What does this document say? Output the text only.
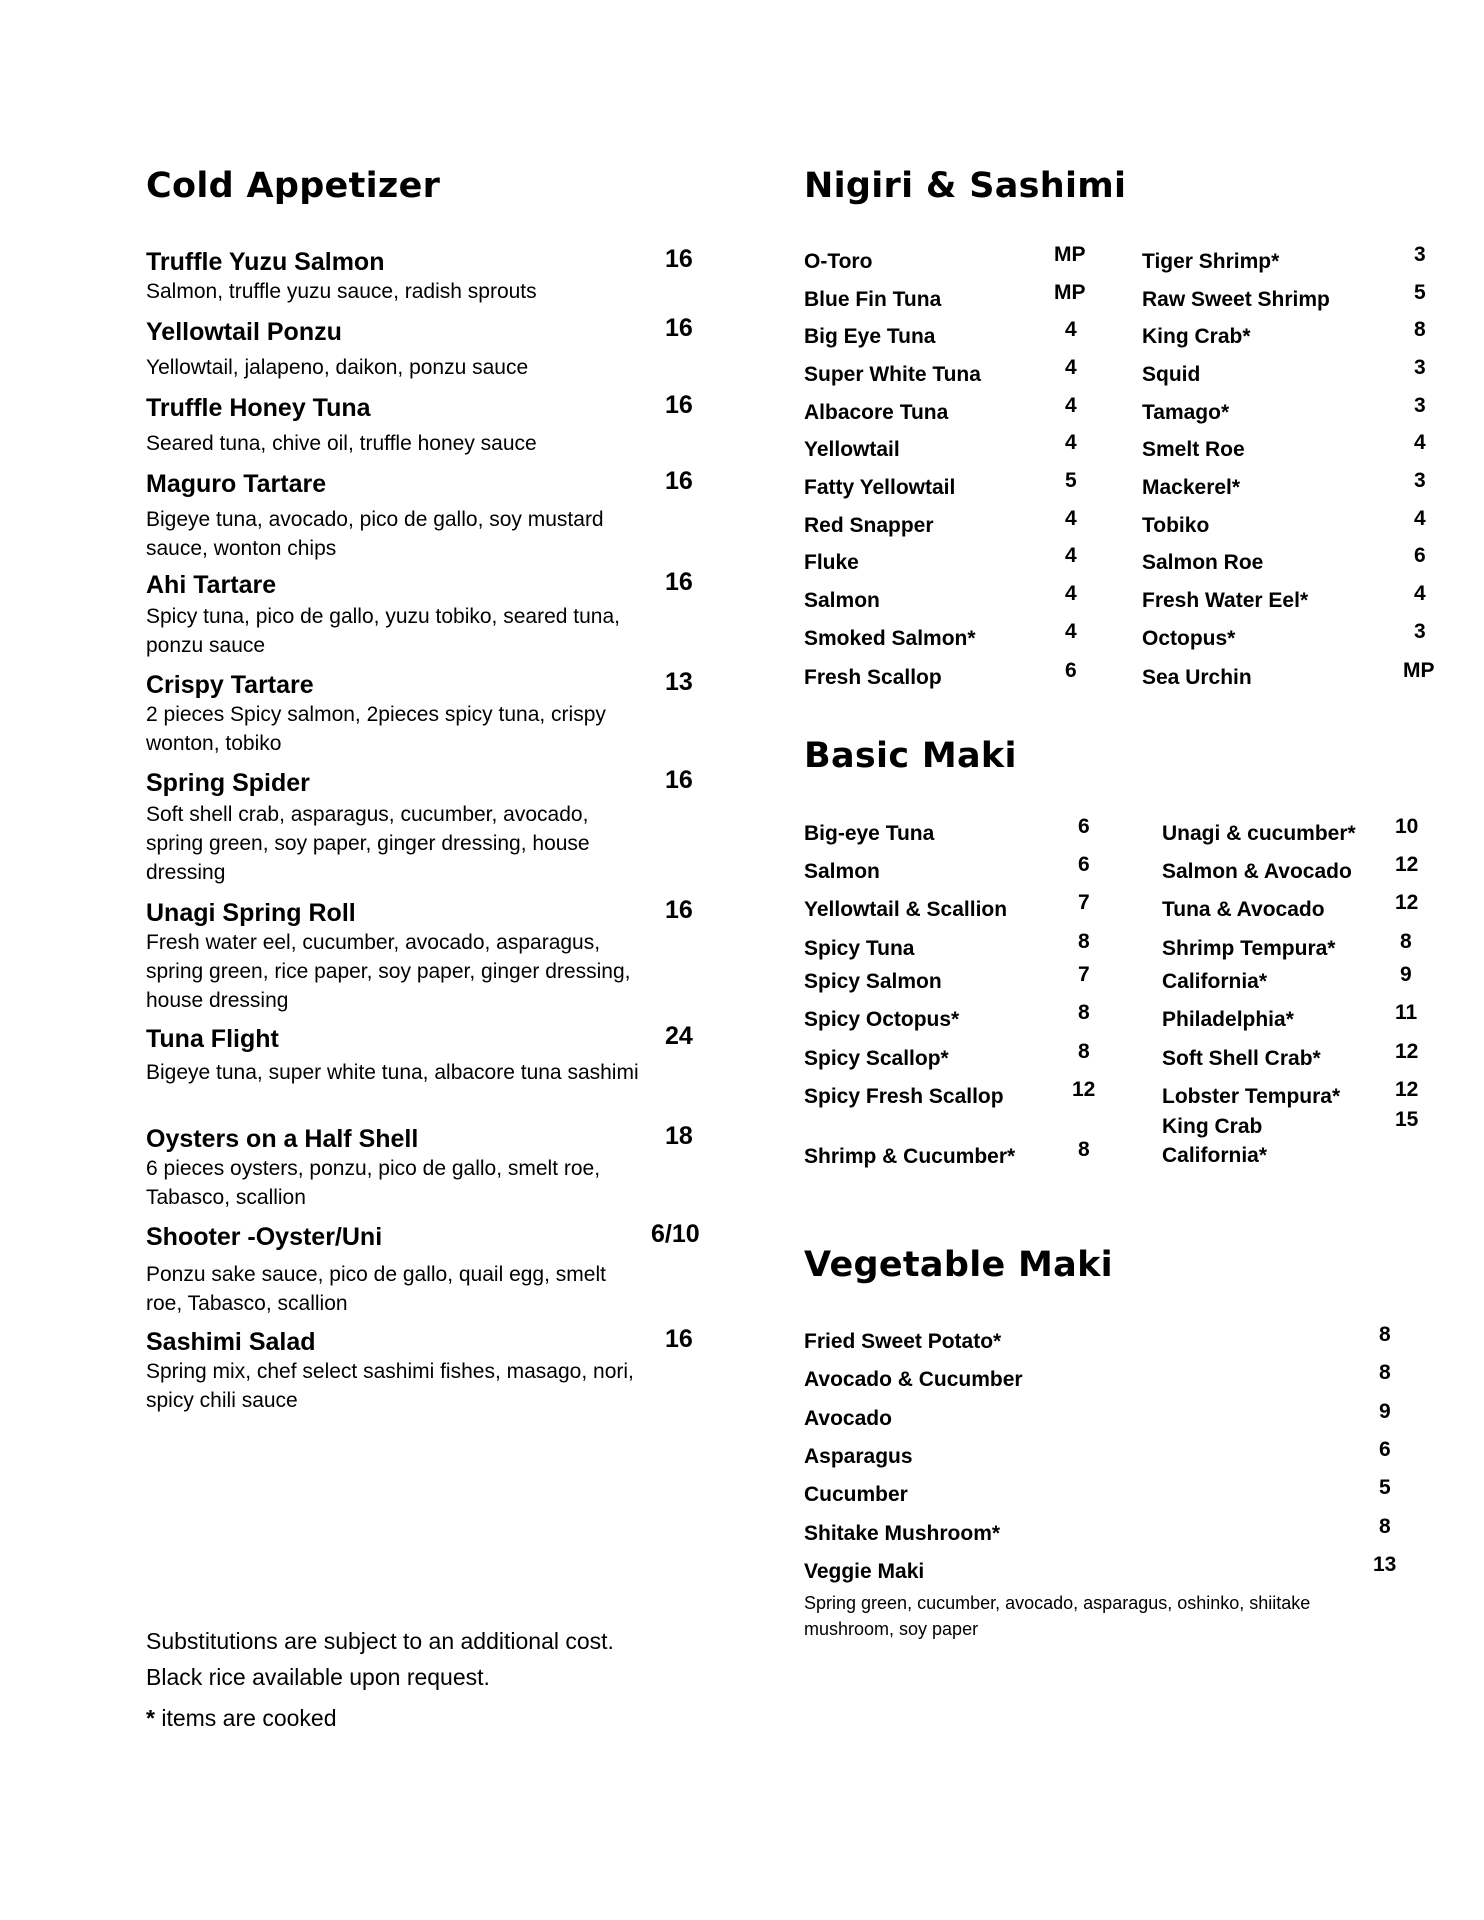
Cold Appetizer
Truffle Yuzu Salmon
Salmon, truffle yuzu sauce, radish sprouts
16
Yellowtail Ponzu
Yellowtail, jalapeno, daikon, ponzu sauce
16
Truffle Honey Tuna
Seared tuna, chive oil, truffle honey sauce
16
Maguro Tartare
Bigeye tuna, avocado, pico de gallo, soy mustard sauce, wonton chips
16
Ahi Tartare
Spicy tuna, pico de gallo, yuzu tobiko, seared tuna, ponzu sauce
16
Crispy Tartare
2 pieces Spicy salmon, 2pieces spicy tuna, crispy wonton, tobiko
13
Spring Spider
Soft shell crab, asparagus, cucumber, avocado, spring green, soy paper, ginger dressing, house dressing
16
Unagi Spring Roll
Fresh water eel, cucumber, avocado, asparagus, spring green, rice paper, soy paper, ginger dressing, house dressing
16
Tuna Flight
Bigeye tuna, super white tuna, albacore tuna sashimi
24
Oysters on a Half Shell
6 pieces oysters, ponzu, pico de gallo, smelt roe, Tabasco, scallion
18
Shooter -Oyster/Uni
Ponzu sake sauce, pico de gallo, quail egg, smelt roe, Tabasco, scallion
6/10
Sashimi Salad
Spring mix, chef select sashimi fishes, masago, nori, spicy chili sauce
16
Substitutions are subject to an additional cost.
Black rice available upon request.
* items are cooked
Nigiri & Sashimi
O-Toro	MP
Blue Fin Tuna	MP
Big Eye Tuna	4
Super White Tuna	4
Albacore Tuna	4
Yellowtail	4
Fatty Yellowtail	5
Red Snapper	4
Fluke	4
Salmon	4
Smoked Salmon*	4
Fresh Scallop	6
Tiger Shrimp*	3
Raw Sweet Shrimp	5
King Crab*	8
Squid	3
Tamago*	3
Smelt Roe	4
Mackerel*	3
Tobiko	4
Salmon Roe	6
Fresh Water Eel*	4
Octopus*	3
Sea Urchin	MP
Basic Maki
Big-eye Tuna	6
Salmon	6
Yellowtail & Scallion	7
Spicy Tuna	8
Spicy Salmon	7
Spicy Octopus*	8
Spicy Scallop*	8
Spicy Fresh Scallop	12
Shrimp & Cucumber*	8
Unagi & cucumber* 10
Salmon & Avocado 12
Tuna & Avocado	12
Shrimp Tempura*	8
California*	9
Philadelphia*	11
Soft Shell Crab*	12
Lobster Tempura*	12
King Crab
California*
15
Vegetable Maki
Fried Sweet Potato*	8
Avocado & Cucumber	8
Avocado	9
Asparagus	6
Cucumber	5
Shitake Mushroom*	8
Veggie Maki	13
Spring green, cucumber, avocado, asparagus, oshinko, shiitake mushroom, soy paper
